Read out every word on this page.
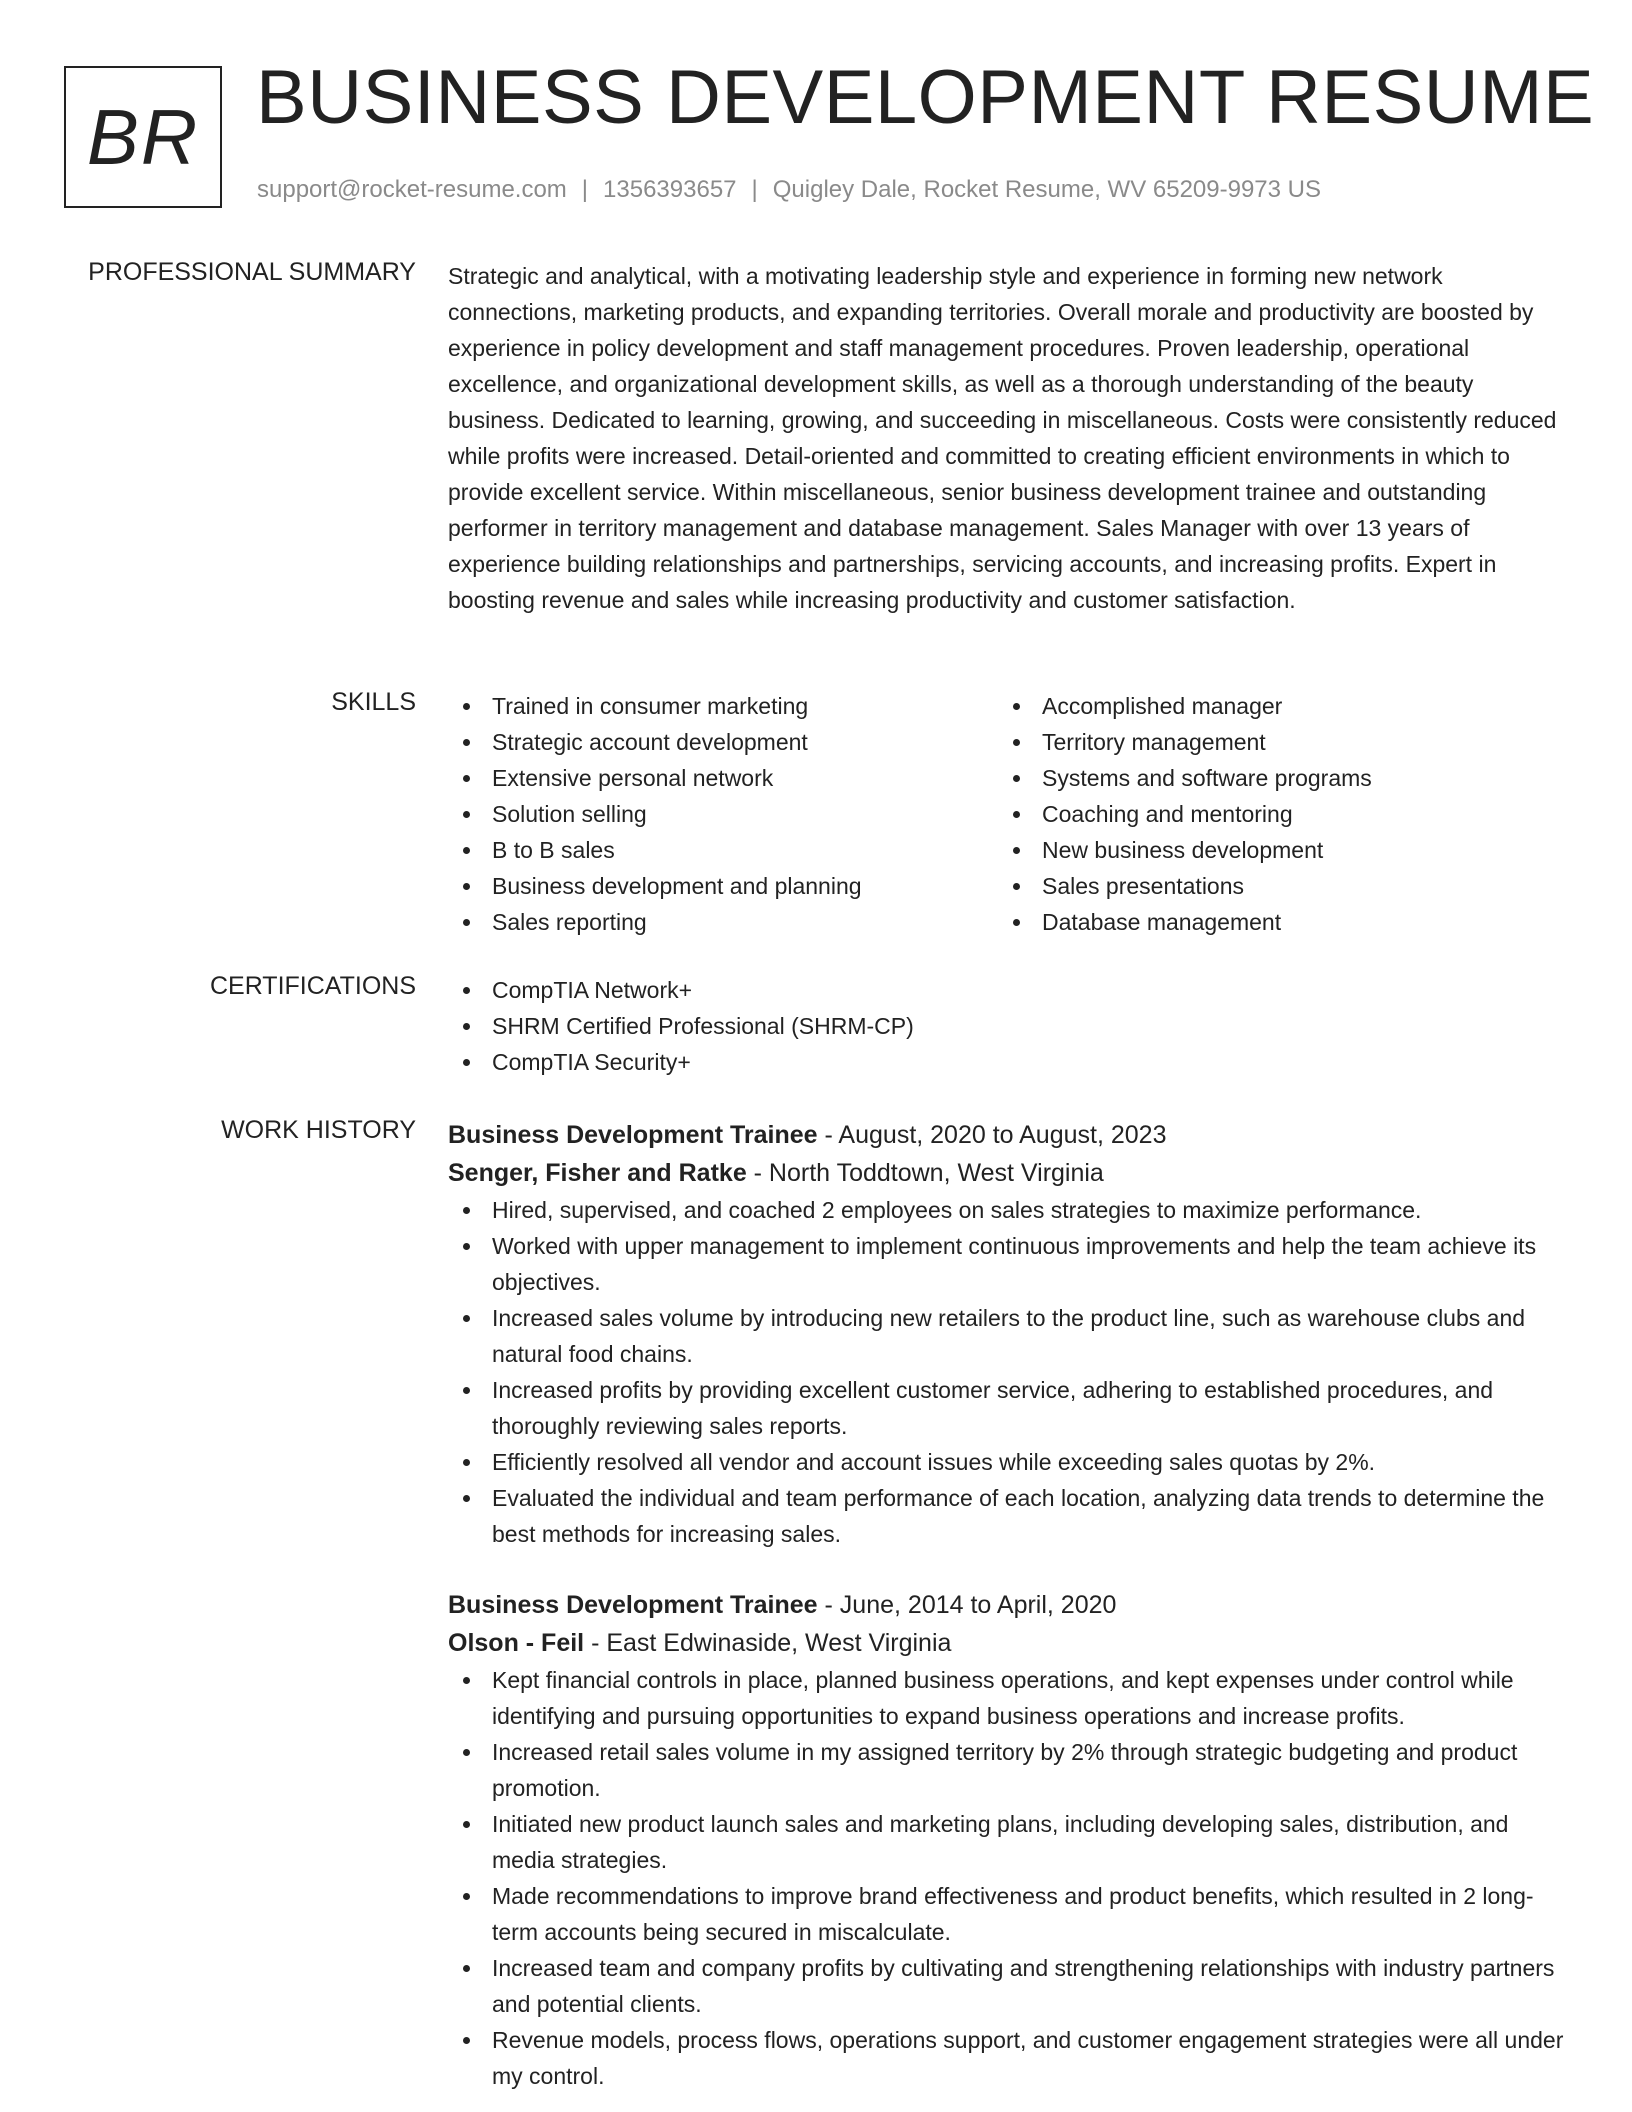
BR BUSINESS DEVELOPMENT RESUME
support@rocket-resume.com | 1356393657 | Quigley Dale, Rocket Resume, WV 65209-9973 US
PROFESSIONAL SUMMARY Strategic and analytical, with a motivating leadership style and experience in forming new network connections, marketing products, and expanding territories. Overall morale and productivity are boosted by experience in policy development and staff management procedures. Proven leadership, operational excellence, and organizational development skills, as well as a thorough understanding of the beauty business. Dedicated to learning, growing, and succeeding in miscellaneous. Costs were consistently reduced while profits were increased. Detail-oriented and committed to creating efficient environments in which to provide excellent service. Within miscellaneous, senior business development trainee and outstanding performer in territory management and database management. Sales Manager with over 13 years of experience building relationships and partnerships, servicing accounts, and increasing profits. Expert in boosting revenue and sales while increasing productivity and customer satisfaction.

SKILLS	Trained in consumer marketing
Strategic account development
Extensive personal network
Solution selling
B to B sales
Business development and planning
Sales reporting
Accomplished manager
Territory management
Systems and software programs
Coaching and mentoring
New business development
Sales presentations
Database management
CERTIFICATIONS	CompTIA Network+
SHRM Certified Professional (SHRM-CP)
CompTIA Security+
WORK HISTORY Business Development Trainee - August, 2020 to August, 2023
Senger, Fisher and Ratke - North Toddtown, West Virginia
Hired, supervised, and coached 2 employees on sales strategies to maximize performance.
Worked with upper management to implement continuous improvements and help the team achieve its objectives.
Increased sales volume by introducing new retailers to the product line, such as warehouse clubs and natural food chains.
Increased profits by providing excellent customer service, adhering to established procedures, and thoroughly reviewing sales reports.
Efficiently resolved all vendor and account issues while exceeding sales quotas by 2%.
Evaluated the individual and team performance of each location, analyzing data trends to determine the best methods for increasing sales.
Business Development Trainee - June, 2014 to April, 2020
Olson - Feil - East Edwinaside, West Virginia
Kept financial controls in place, planned business operations, and kept expenses under control while identifying and pursuing opportunities to expand business operations and increase profits.
Increased retail sales volume in my assigned territory by 2% through strategic budgeting and product promotion.
Initiated new product launch sales and marketing plans, including developing sales, distribution, and media strategies.
Made recommendations to improve brand effectiveness and product benefits, which resulted in 2 long-term accounts being secured in miscalculate.
Increased team and company profits by cultivating and strengthening relationships with industry partners and potential clients.
Revenue models, process flows, operations support, and customer engagement strategies were all under my control.
